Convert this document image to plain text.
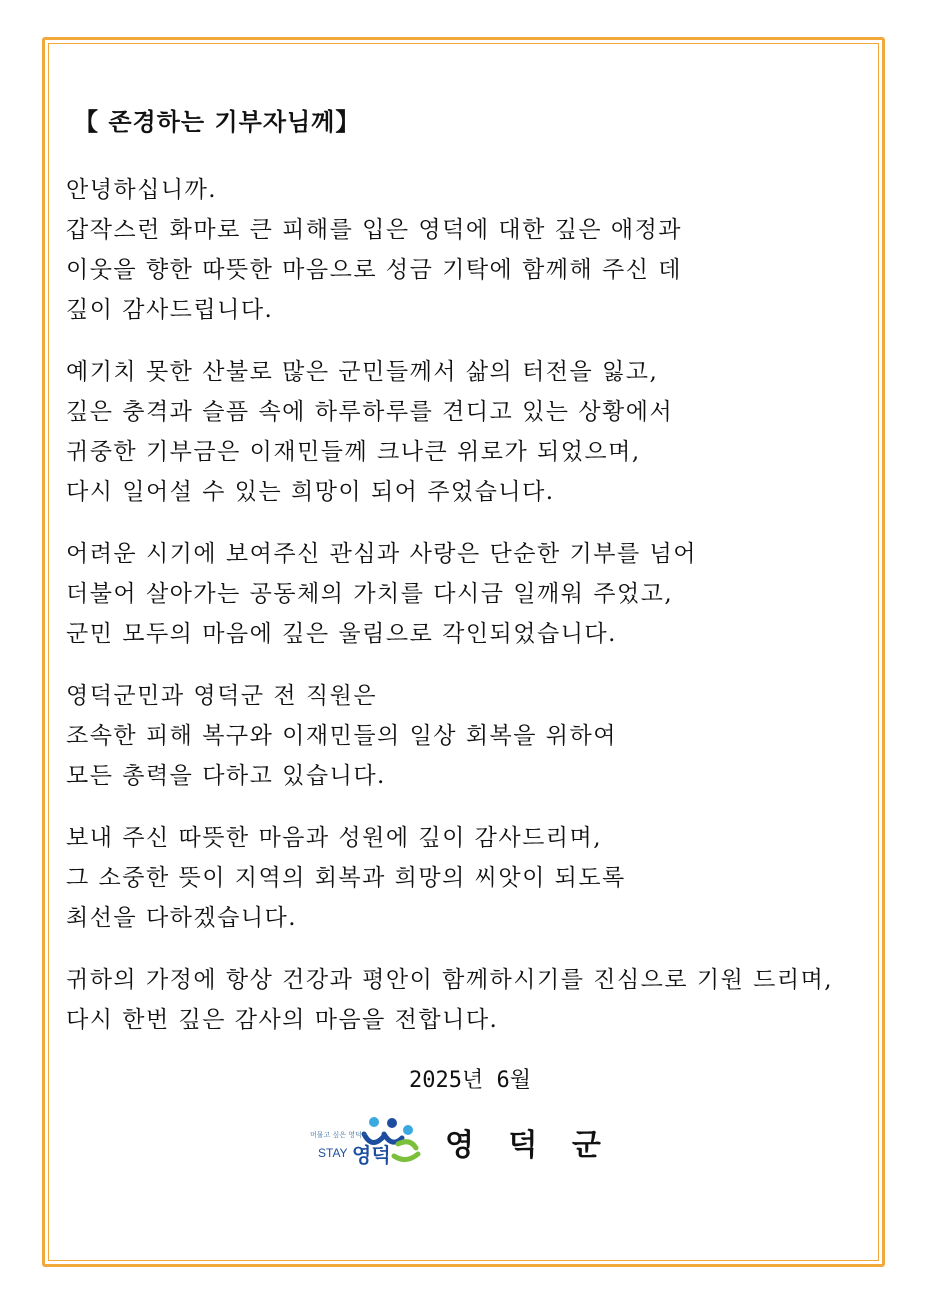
【 존경하는 기부자님께】
안녕하십니까.
갑작스런 화마로 큰 피해를 입은 영덕에 대한 깊은 애정과
이웃을 향한 따뜻한 마음으로 성금 기탁에 함께해 주신 데
깊이 감사드립니다.
예기치 못한 산불로 많은 군민들께서 삶의 터전을 잃고,
깊은 충격과 슬픔 속에 하루하루를 견디고 있는 상황에서
귀중한 기부금은 이재민들께 크나큰 위로가 되었으며,
다시 일어설 수 있는 희망이 되어 주었습니다.
어려운 시기에 보여주신 관심과 사랑은 단순한 기부를 넘어
더불어 살아가는 공동체의 가치를 다시금 일깨워 주었고,
군민 모두의 마음에 깊은 울림으로 각인되었습니다.
영덕군민과 영덕군 전 직원은
조속한 피해 복구와 이재민들의 일상 회복을 위하여
모든 총력을 다하고 있습니다.
보내 주신 따뜻한 마음과 성원에 깊이 감사드리며,
그 소중한 뜻이 지역의 회복과 희망의 씨앗이 되도록
최선을 다하겠습니다.
귀하의 가정에 항상 건강과 평안이 함께하시기를 진심으로 기원 드리며,
다시 한번 깊은 감사의 마음을 전합니다.
2025년 6월
머물고 싶은 영덕~
STAY 영덕 영 덕 군
